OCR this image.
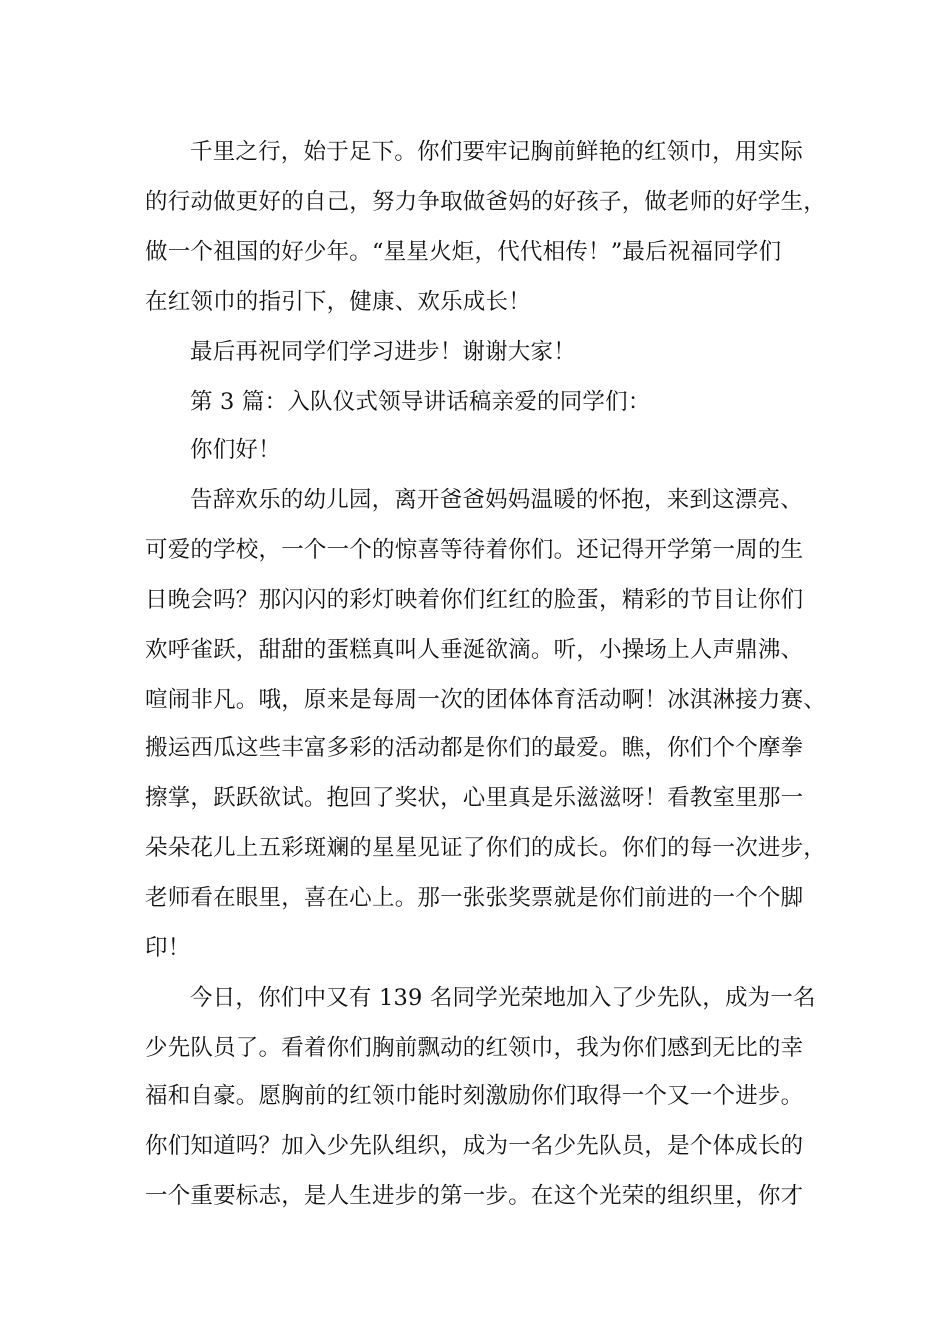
千里之行，始于足下。你们要牢记胸前鲜艳的红领巾，用实际
的行动做更好的自己，努力争取做爸妈的好孩子，做老师的好学生，
做一个祖国的好少年。“星星火炬，代代相传！”最后祝福同学们
在红领巾的指引下，健康、欢乐成长！
最后再祝同学们学习进步！谢谢大家！
第 3 篇：入队仪式领导讲话稿亲爱的同学们：
你们好！
告辞欢乐的幼儿园，离开爸爸妈妈温暖的怀抱，来到这漂亮、
可爱的学校，一个一个的惊喜等待着你们。还记得开学第一周的生
日晚会吗？那闪闪的彩灯映着你们红红的脸蛋，精彩的节目让你们
欢呼雀跃，甜甜的蛋糕真叫人垂涎欲滴。听，小操场上人声鼎沸、
喧闹非凡。哦，原来是每周一次的团体体育活动啊！冰淇淋接力赛、
搬运西瓜这些丰富多彩的活动都是你们的最爱。瞧，你们个个摩拳
擦掌，跃跃欲试。抱回了奖状，心里真是乐滋滋呀！看教室里那一
朵朵花儿上五彩斑斓的星星见证了你们的成长。你们的每一次进步，
老师看在眼里，喜在心上。那一张张奖票就是你们前进的一个个脚
印！
今日，你们中又有 139 名同学光荣地加入了少先队，成为一名
少先队员了。看着你们胸前飘动的红领巾，我为你们感到无比的幸
福和自豪。愿胸前的红领巾能时刻激励你们取得一个又一个进步。
你们知道吗？加入少先队组织，成为一名少先队员，是个体成长的
一个重要标志，是人生进步的第一步。在这个光荣的组织里，你才
